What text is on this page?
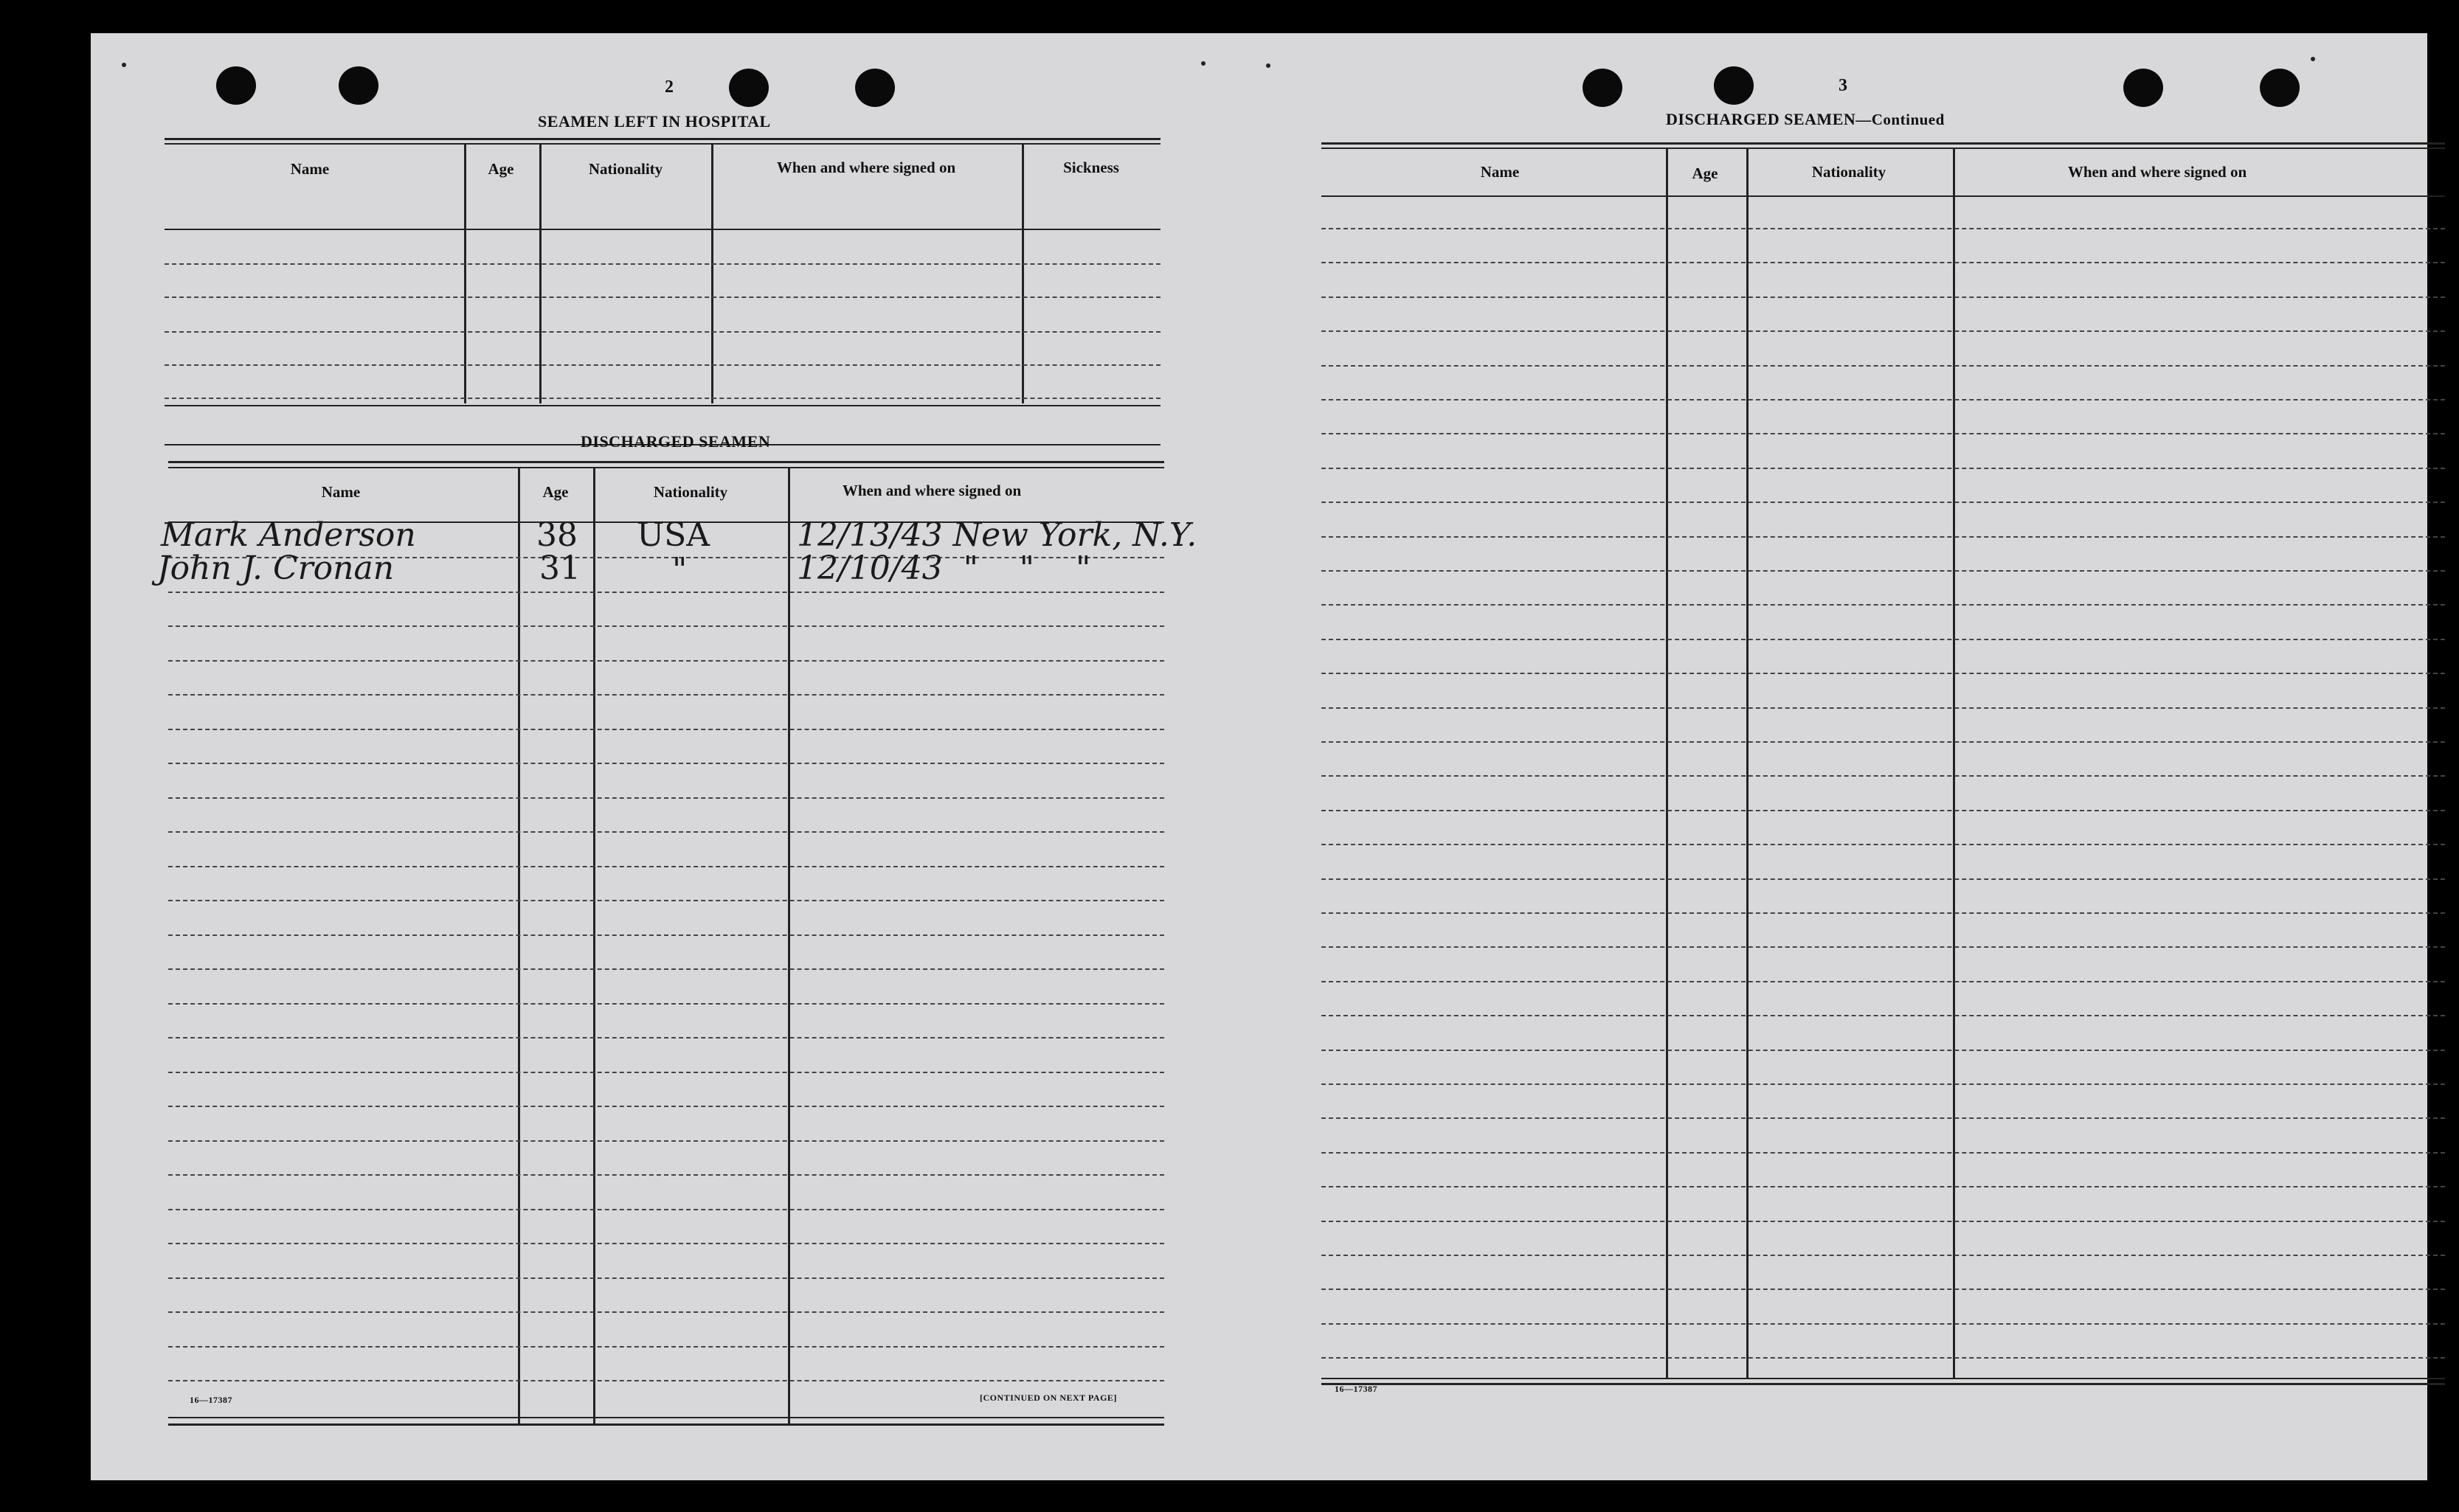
2
SEAMEN LEFT IN HOSPITAL
Name	Age	Nationality	When and where signed on	Sickness
DISCHARGED SEAMEN
Name	Age	Nationality	When and where signed on
Mark Anderson	38 USA	12/13/43 New York, N.Y.
John J. Cronan	31	"	12/10/43  "    "    "
16—17387	[CONTINUED ON NEXT PAGE]
3
DISCHARGED SEAMEN—Continued
Name	Age	Nationality	When and where signed on
16—17387
